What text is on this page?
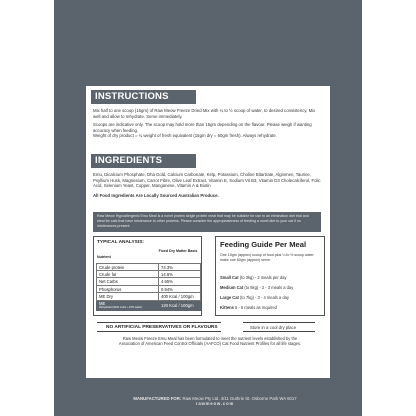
INSTRUCTIONS

Mix half to one scoop (15gm) of Raw Meow Freeze Dried Mix with ¼ to ½ scoop of water, to desired consistency. Mix well and allow to rehydrate. Serve immediately.

Scoops are indicative only. The scoop may hold more than 15gm depending on the flavour. Please weigh if wanting accuracy when feeding.

Weight of dry product = ¼ weight of fresh equivalent (15gm dry = 60gm fresh). Always rehydrate.

INGREDIENTS

Emu, Dicalcium Phosphate, Dha Gold, Calcium Carbonate, Kelp, Potassium, Choline Bitartrate, Alginmen, Taurine, Psyllium Husk, Magnesium, Carrot Fibre, Olive Leaf Extract, Vitamin E, Sodium Vit B3, Vitamin D3 Cholecalciferol, Folic Acid, Selenium Yeast, Copper, Manganese, Vitamin A & Biotin

All Food Ingredients Are Locally Sourced Australian Produce.

Raw Meow Hypoallergenic Emu Meal is a novel protein single protein meal that may be suitable for use in an elimination diet trial and ideal for cats that have intolerance to other proteins. Please consider the appropriateness of feeding a novel diet to your cat if no intolerances present.
TYPICAL ANALYSIS:
Nutrient
Fixed Dry Matter Basis
Crude protein	74.3%
Crude fat	14.6%
Net Carbs	4.65%
Phosphorus	0.94%
ME Dry	400 Kcal / 100gm
ME
Rehydrated (60% moist + 10% water)	120 Kcal / 100gm
Feeding Guide Per Meal
One 15gm (approx) scoop of food plus ¼ to ½ scoop water make one 60gm (approx) serve.
Small Cat (to 3kg) - 2 meals per day
Medium Cat (to 5kg) - 2 - 3 meals a day
Large Cat (to 7kg) - 3 - 4 meals a day
Kittens 5 - 6 meals as required
NO ARTIFICIAL PRESERVATIVES OR FLAVOURS	Store in a cool dry place
Raw Meow Freeze Emu Meal has been formulated to meet the nutrient levels established by the Association of American Feed Control Officials (AAFCO) Cat Food Nutrient Profiles for all life stages.
MANUFACTURED FOR: Raw Meow Pty Ltd. 4/11 Guthrie St. Osborne Park WA 6017
rawmeow.com
